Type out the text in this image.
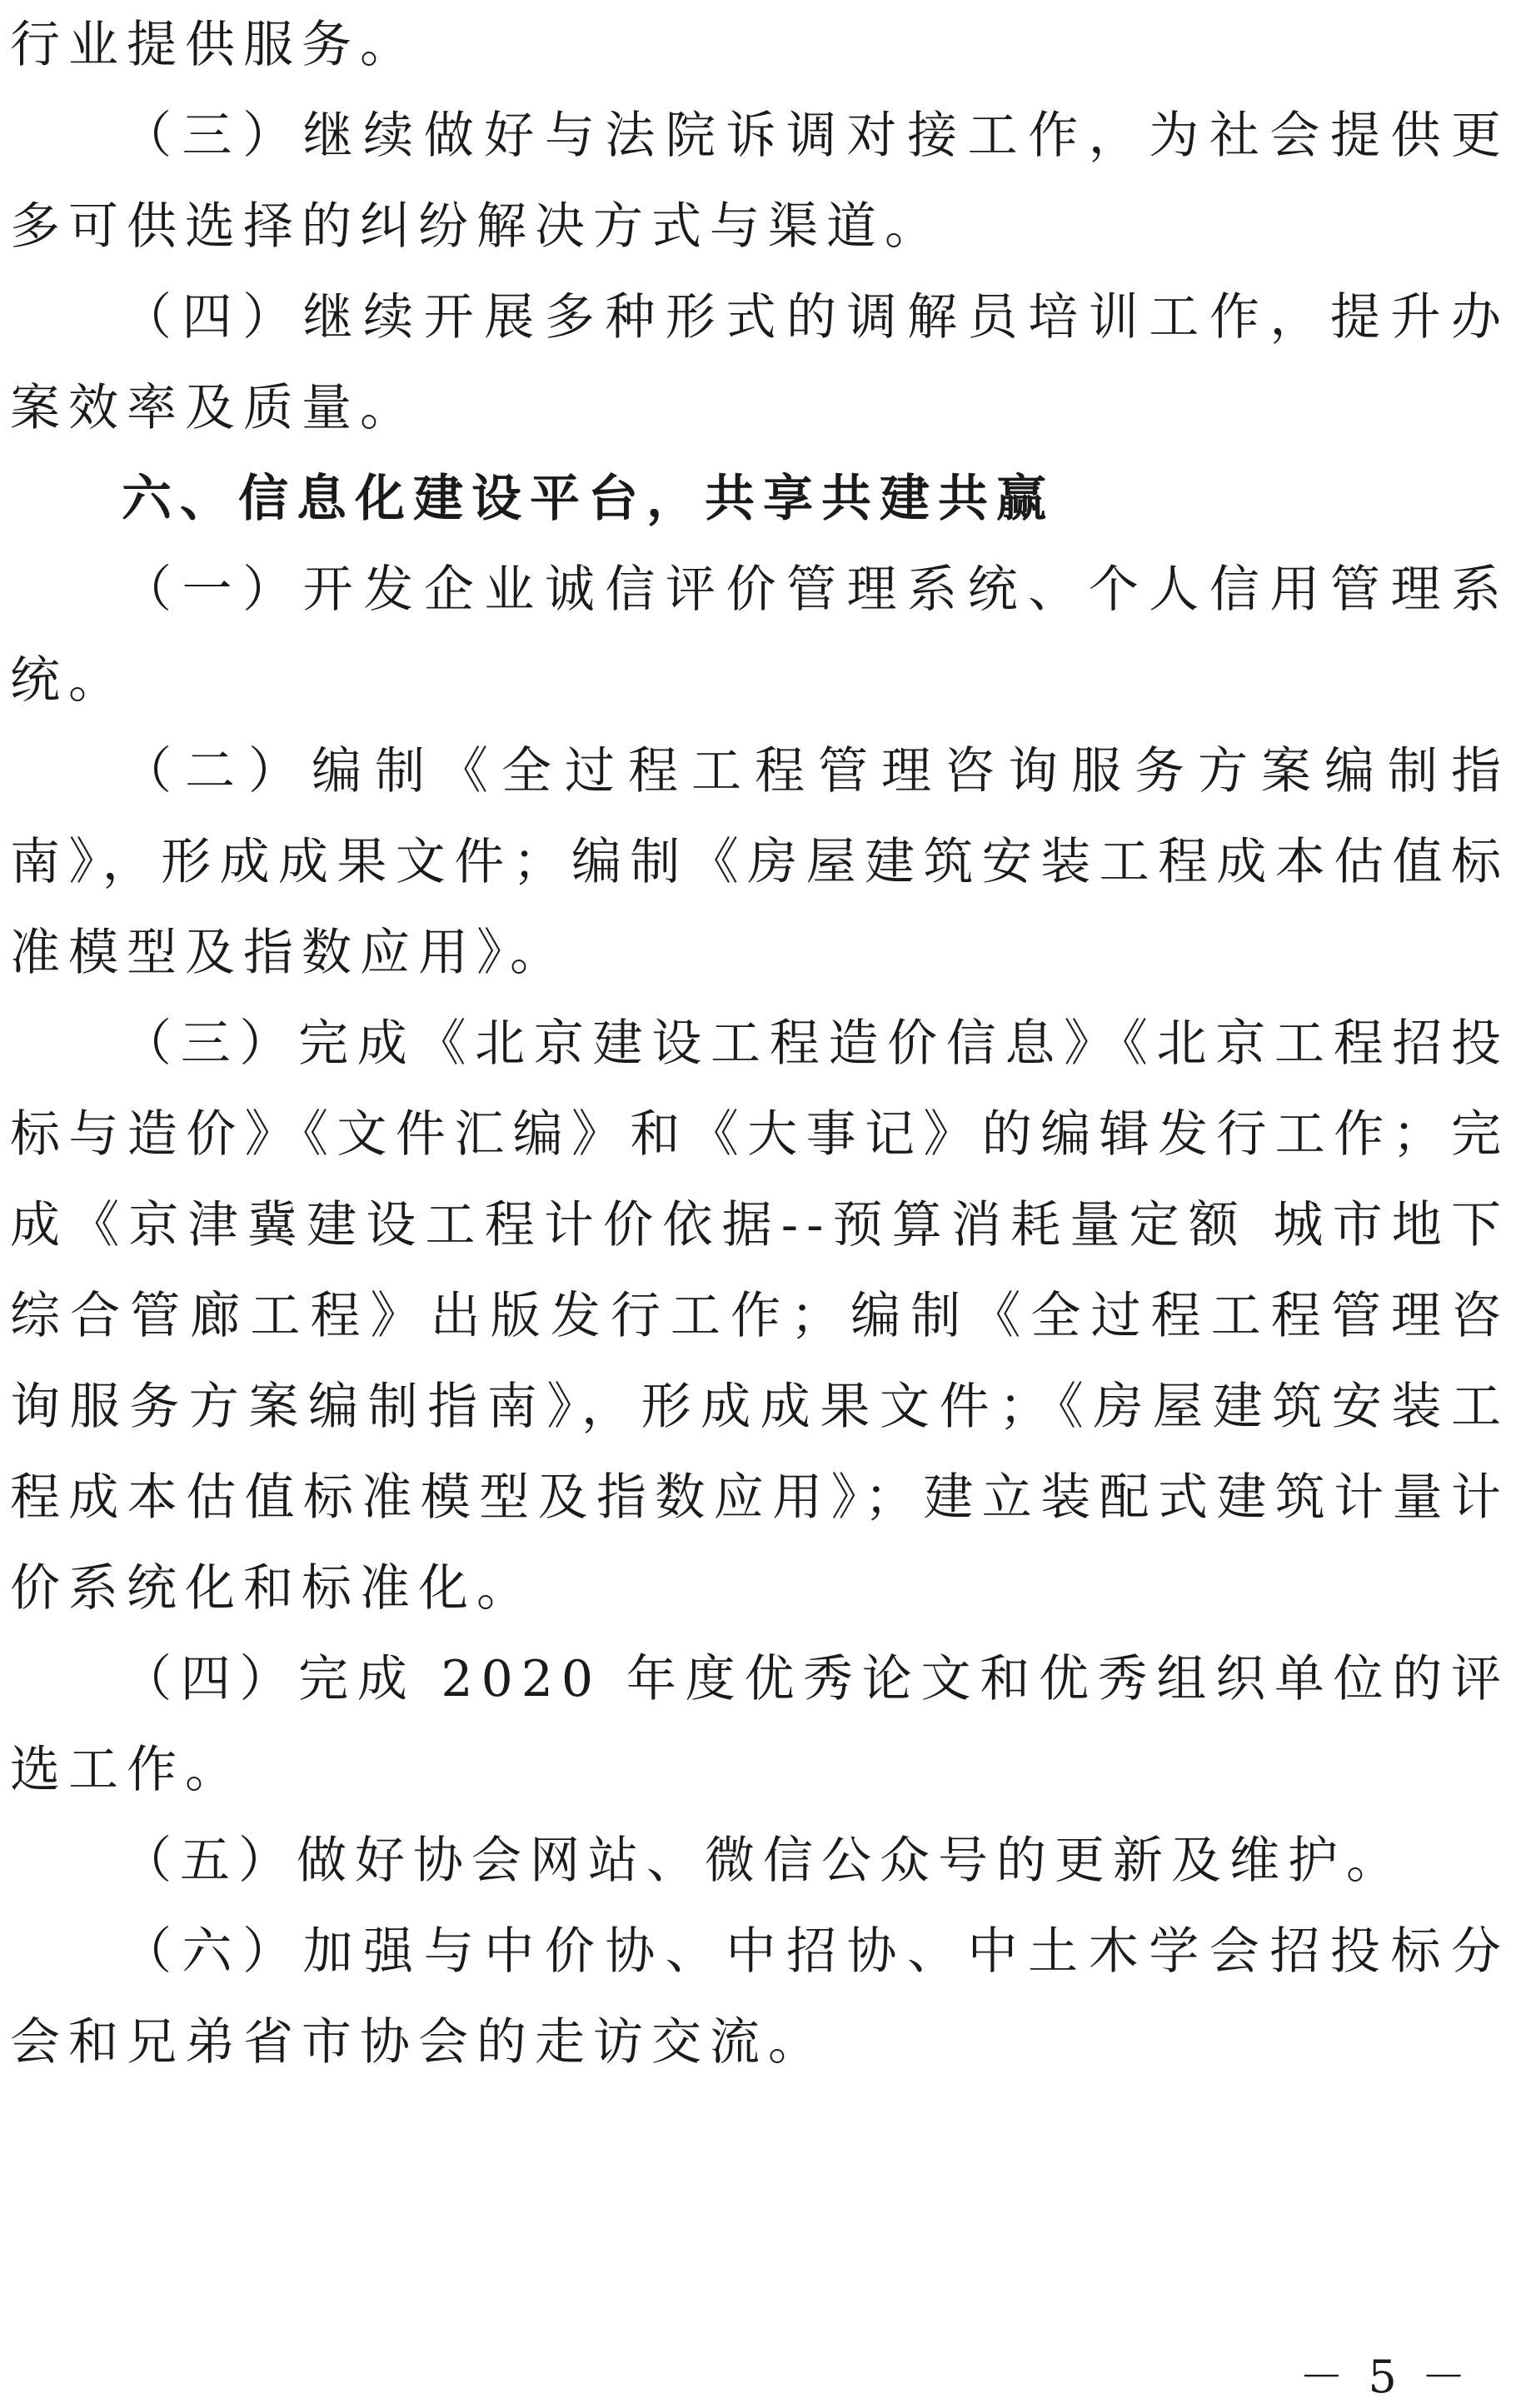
行业提供服务。

（三）继续做好与法院诉调对接工作，为社会提供更多可供选择的纠纷解决方式与渠道。

（四）继续开展多种形式的调解员培训工作，提升办案效率及质量。

六、信息化建设平台，共享共建共赢

（一）开发企业诚信评价管理系统、个人信用管理系统。

（二）编制《全过程工程管理咨询服务方案编制指南》，形成成果文件；编制《房屋建筑安装工程成本估值标准模型及指数应用》。

（三）完成《北京建设工程造价信息》《北京工程招投标与造价》《文件汇编》和《大事记》的编辑发行工作；完成《京津冀建设工程计价依据--预算消耗量定额 城市地下综合管廊工程》出版发行工作；编制《全过程工程管理咨询服务方案编制指南》，形成成果文件；《房屋建筑安装工程成本估值标准模型及指数应用》；建立装配式建筑计量计价系统化和标准化。

（四）完成 2020 年度优秀论文和优秀组织单位的评选工作。

（五）做好协会网站、微信公众号的更新及维护。

（六）加强与中价协、中招协、中土木学会招投标分会和兄弟省市协会的走访交流。

－ 5 －
